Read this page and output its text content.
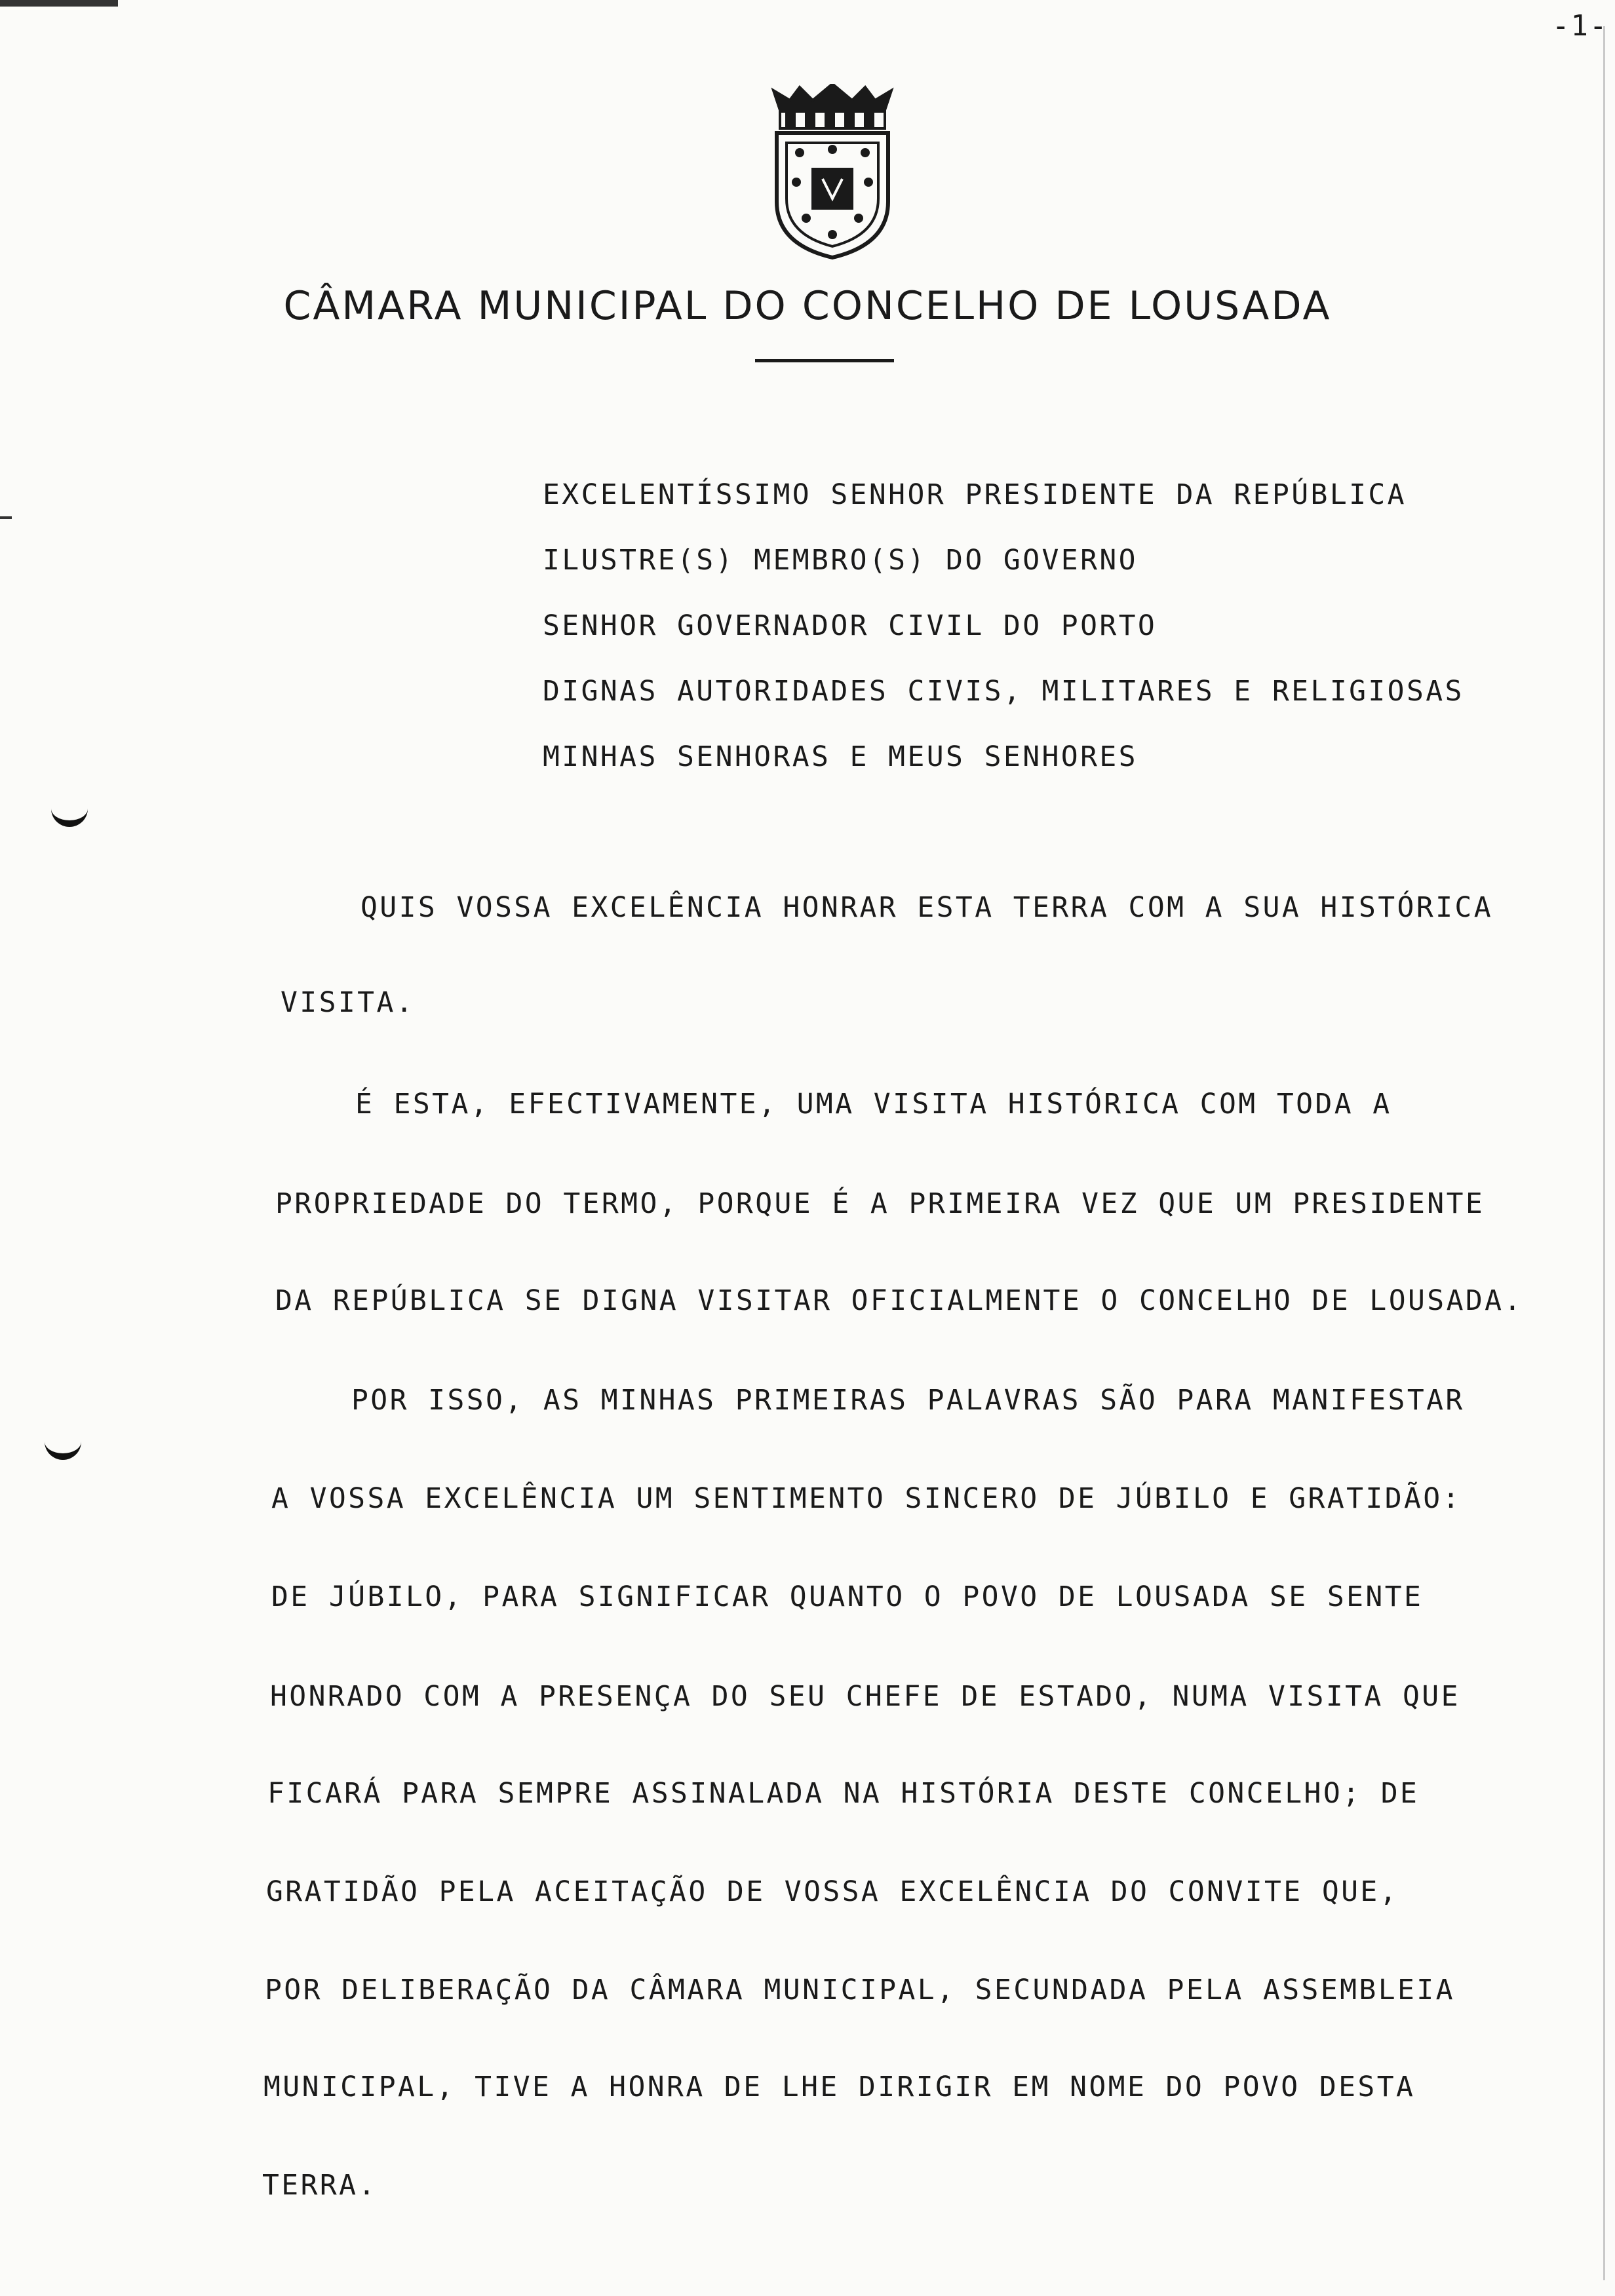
-1-
CÂMARA MUNICIPAL DO CONCELHO DE LOUSADA
EXCELENTÍSSIMO SENHOR PRESIDENTE DA REPÚBLICA
ILUSTRE(S) MEMBRO(S) DO GOVERNO
SENHOR GOVERNADOR CIVIL DO PORTO
DIGNAS AUTORIDADES CIVIS, MILITARES E RELIGIOSAS
MINHAS SENHORAS E MEUS SENHORES
QUIS VOSSA EXCELÊNCIA HONRAR ESTA TERRA COM A SUA HISTÓRICA
VISITA.
É ESTA, EFECTIVAMENTE, UMA VISITA HISTÓRICA COM TODA A
PROPRIEDADE DO TERMO, PORQUE É A PRIMEIRA VEZ QUE UM PRESIDENTE
DA REPÚBLICA SE DIGNA VISITAR OFICIALMENTE O CONCELHO DE LOUSADA.
POR ISSO, AS MINHAS PRIMEIRAS PALAVRAS SÃO PARA MANIFESTAR
A VOSSA EXCELÊNCIA UM SENTIMENTO SINCERO DE JÚBILO E GRATIDÃO:
DE JÚBILO, PARA SIGNIFICAR QUANTO O POVO DE LOUSADA SE SENTE
HONRADO COM A PRESENÇA DO SEU CHEFE DE ESTADO, NUMA VISITA QUE
FICARÁ PARA SEMPRE ASSINALADA NA HISTÓRIA DESTE CONCELHO; DE
GRATIDÃO PELA ACEITAÇÃO DE VOSSA EXCELÊNCIA DO CONVITE QUE,
POR DELIBERAÇÃO DA CÂMARA MUNICIPAL, SECUNDADA PELA ASSEMBLEIA
MUNICIPAL, TIVE A HONRA DE LHE DIRIGIR EM NOME DO POVO DESTA
TERRA.
